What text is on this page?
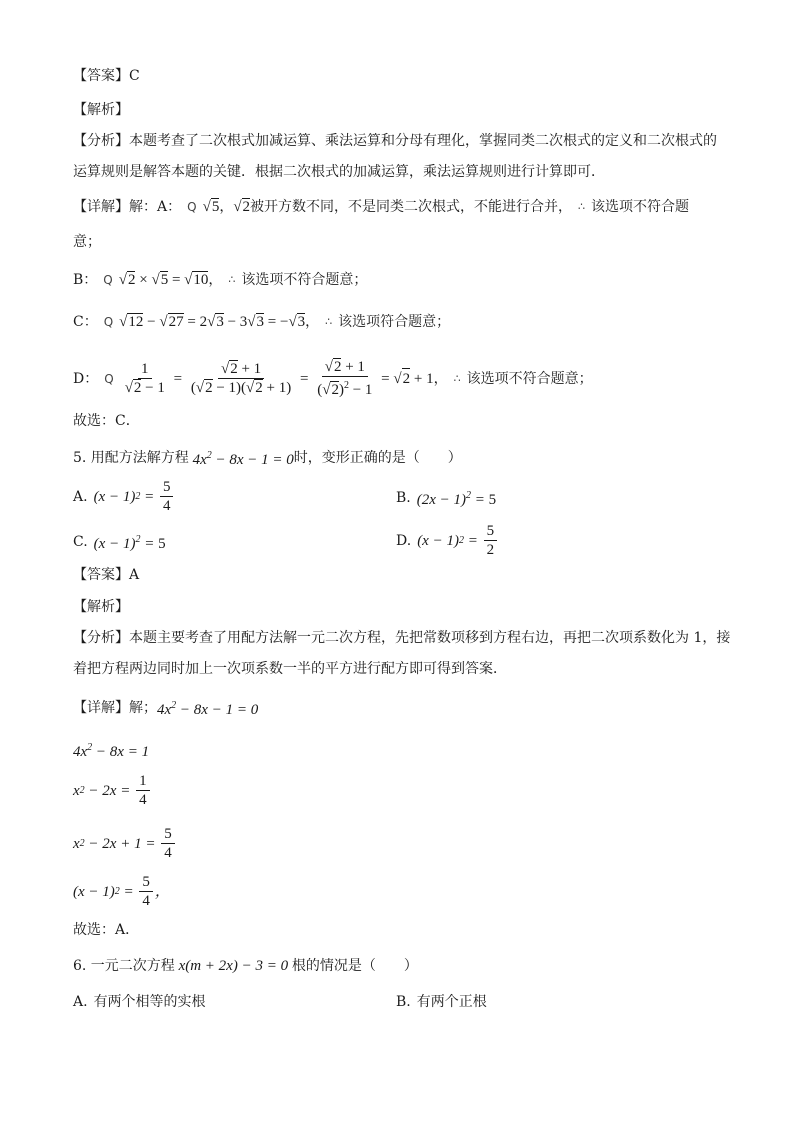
【答案】 C
【解析】
【分析】 本题考查了二次根式加减运算、乘法运算和分母有理化，掌握同类二次根式的定义和二次根式的
运算规则是解答本题的关键．根据二次根式的加减运算，乘法运算规则进行计算即可．
【详解】 解：A： Q √5 ， √2 被开方数不同，不是同类二次根式，不能进行合并， ∴ 该选项不符合题
意；
B： Q √2 × √5 = √10 ， ∴ 该选项不符合题意；
C： Q √12 − √27 = 2√3 − 3√3 = −√3 ， ∴ 该选项符合题意；
D： Q $\frac{1}{√2 - 1} = \frac{√2 + 1}{(√2 - 1)(√2 + 1)} = \frac{√2 + 1}{(√2)^2 - 1}$ = √ 2 + 1 ， ∴ 该选项不符合题意；
故选：C．
5. 用配方法解方程 $4x^2 - 8x - 1 = 0$ 时，变形正确的是（　　）
A. (x − 1) $2 = \frac{5}{4}$	B. $(2x - 1)^2 = 5$
C. $(x - 1)^2 = 5$	D. (x − 1) $2 = \frac{5}{2}$
【答案】 A
【解析】
【分析】 本题主要考查了用配方法解一元二次方程，先把常数项移到方程右边，再把二次项系数化为 1，接
着把方程两边同时加上一次项系数一半的平方进行配方即可得到答案．
【详解】 解； $4x^2 - 8x - 1 = 0$
$4x^2 - 8x = 1$
x $2 - 2x = \frac{1}{4}$
x $2 - 2x + 1 = \frac{5}{4}$
(x − 1) $2 = \frac{5}{4}$ ，
故选：A．
6. 一元二次方程 x(m + 2x) − 3 = 0 根的情况是（　　）
A. 有两个相等的实根	B. 有两个正根
